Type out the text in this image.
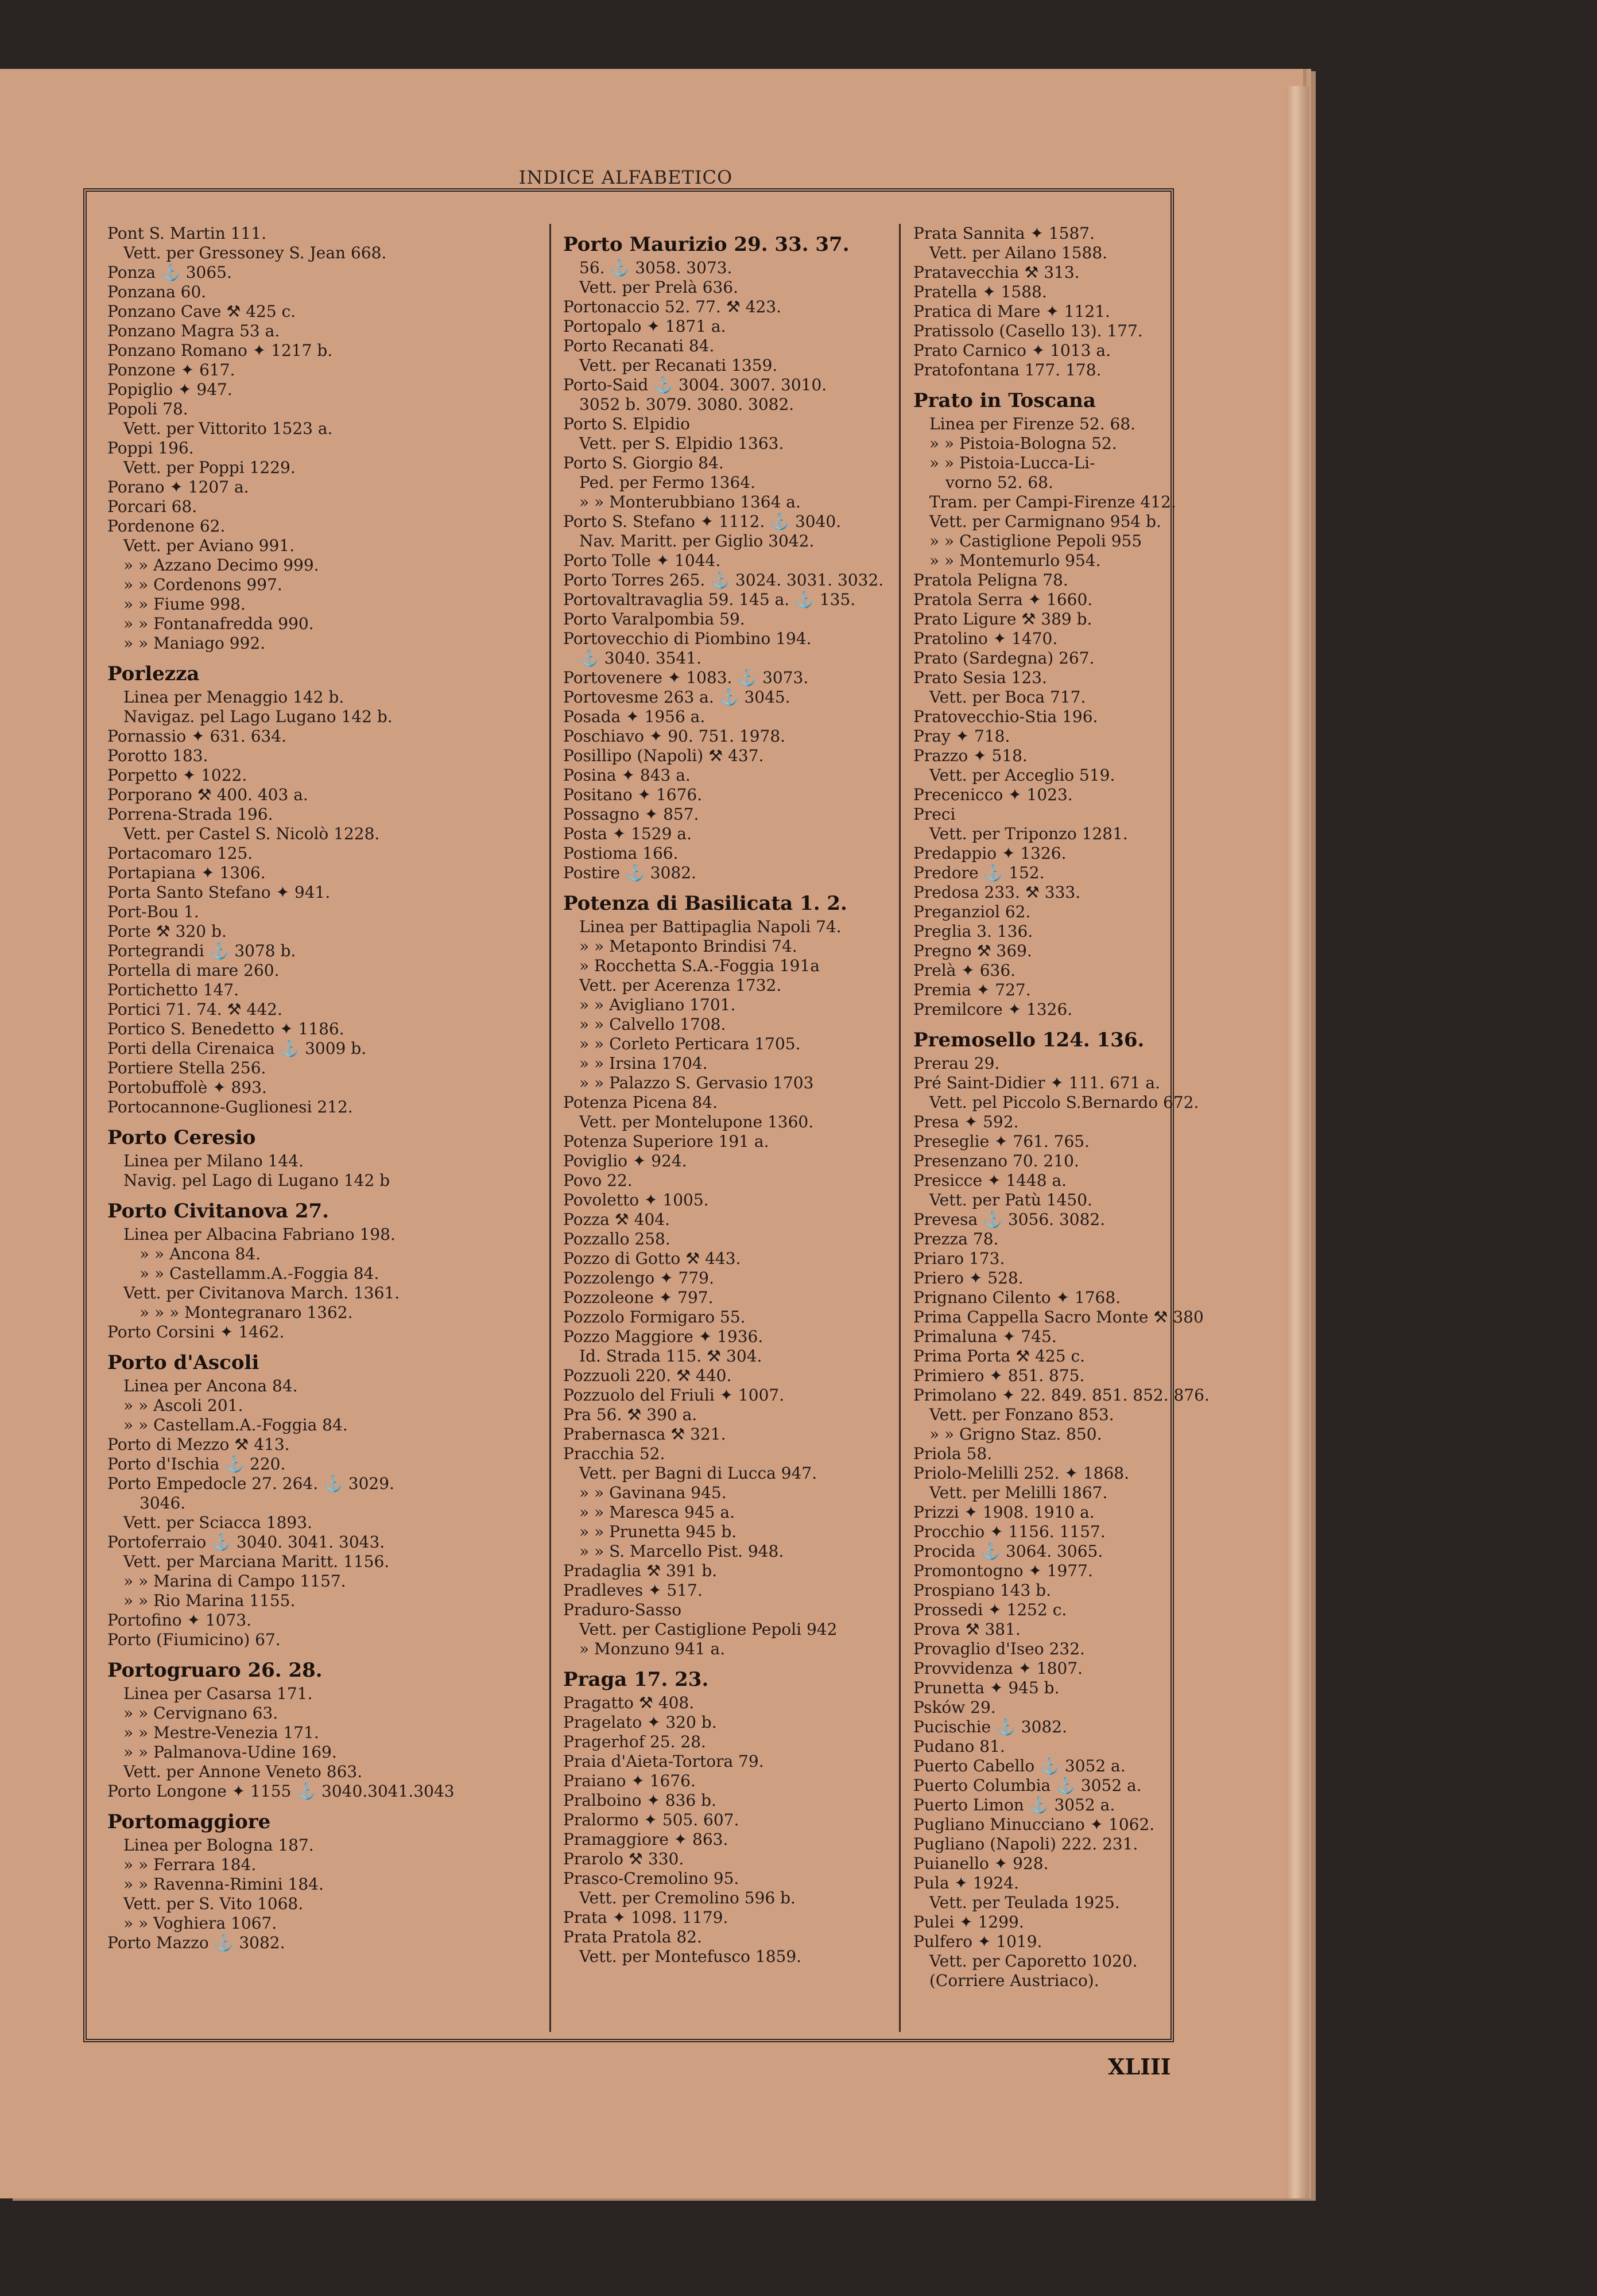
INDICE ALFABETICO
Pont S. Martin 111.
Vett. per Gressoney S. Jean 668.
Ponza ⚓ 3065.
Ponzana 60.
Ponzano Cave ⚒ 425 c.
Ponzano Magra 53 a.
Ponzano Romano ✦ 1217 b.
Ponzone ✦ 617.
Popiglio ✦ 947.
Popoli 78.
Vett. per Vittorito 1523 a.
Poppi 196.
Vett. per Poppi 1229.
Porano ✦ 1207 a.
Porcari 68.
Pordenone 62.
Vett. per Aviano 991.
» » Azzano Decimo 999.
» » Cordenons 997.
» » Fiume 998.
» » Fontanafredda 990.
» » Maniago 992.
Porlezza
Linea per Menaggio 142 b.
Navigaz. pel Lago Lugano 142 b.
Pornassio ✦ 631. 634.
Porotto 183.
Porpetto ✦ 1022.
Porporano ⚒ 400. 403 a.
Porrena-Strada 196.
Vett. per Castel S. Nicolò 1228.
Portacomaro 125.
Portapiana ✦ 1306.
Porta Santo Stefano ✦ 941.
Port-Bou 1.
Porte ⚒ 320 b.
Portegrandi ⚓ 3078 b.
Portella di mare 260.
Portichetto 147.
Portici 71. 74. ⚒ 442.
Portico S. Benedetto ✦ 1186.
Porti della Cirenaica ⚓ 3009 b.
Portiere Stella 256.
Portobuffolè ✦ 893.
Portocannone-Guglionesi 212.
Porto Ceresio
Linea per Milano 144.
Navig. pel Lago di Lugano 142 b
Porto Civitanova 27.
Linea per Albacina Fabriano 198.
» » Ancona 84.
» » Castellamm.A.-Foggia 84.
Vett. per Civitanova March. 1361.
» » » Montegranaro 1362.
Porto Corsini ✦ 1462.
Porto d'Ascoli
Linea per Ancona 84.
» » Ascoli 201.
» » Castellam.A.-Foggia 84.
Porto di Mezzo ⚒ 413.
Porto d'Ischia ⚓ 220.
Porto Empedocle 27. 264. ⚓ 3029.
3046.
Vett. per Sciacca 1893.
Portoferraio ⚓ 3040. 3041. 3043.
Vett. per Marciana Maritt. 1156.
» » Marina di Campo 1157.
» » Rio Marina 1155.
Portofino ✦ 1073.
Porto (Fiumicino) 67.
Portogruaro 26. 28.
Linea per Casarsa 171.
» » Cervignano 63.
» » Mestre-Venezia 171.
» » Palmanova-Udine 169.
Vett. per Annone Veneto 863.
Porto Longone ✦ 1155 ⚓ 3040.3041.3043
Portomaggiore
Linea per Bologna 187.
» » Ferrara 184.
» » Ravenna-Rimini 184.
Vett. per S. Vito 1068.
» » Voghiera 1067.
Porto Mazzo ⚓ 3082.
Porto Maurizio 29. 33. 37.
56. ⚓ 3058. 3073.
Vett. per Prelà 636.
Portonaccio 52. 77. ⚒ 423.
Portopalo ✦ 1871 a.
Porto Recanati 84.
Vett. per Recanati 1359.
Porto-Said ⚓ 3004. 3007. 3010.
3052 b. 3079. 3080. 3082.
Porto S. Elpidio
Vett. per S. Elpidio 1363.
Porto S. Giorgio 84.
Ped. per Fermo 1364.
» » Monterubbiano 1364 a.
Porto S. Stefano ✦ 1112. ⚓ 3040.
Nav. Maritt. per Giglio 3042.
Porto Tolle ✦ 1044.
Porto Torres 265. ⚓ 3024. 3031. 3032.
Portovaltravaglia 59. 145 a. ⚓ 135.
Porto Varalpombia 59.
Portovecchio di Piombino 194.
⚓ 3040. 3541.
Portovenere ✦ 1083. ⚓ 3073.
Portovesme 263 a. ⚓ 3045.
Posada ✦ 1956 a.
Poschiavo ✦ 90. 751. 1978.
Posillipo (Napoli) ⚒ 437.
Posina ✦ 843 a.
Positano ✦ 1676.
Possagno ✦ 857.
Posta ✦ 1529 a.
Postioma 166.
Postire ⚓ 3082.
Potenza di Basilicata 1. 2.
Linea per Battipaglia Napoli 74.
» » Metaponto Brindisi 74.
» Rocchetta S.A.-Foggia 191a
Vett. per Acerenza 1732.
» » Avigliano 1701.
» » Calvello 1708.
» » Corleto Perticara 1705.
» » Irsina 1704.
» » Palazzo S. Gervasio 1703
Potenza Picena 84.
Vett. per Montelupone 1360.
Potenza Superiore 191 a.
Poviglio ✦ 924.
Povo 22.
Povoletto ✦ 1005.
Pozza ⚒ 404.
Pozzallo 258.
Pozzo di Gotto ⚒ 443.
Pozzolengo ✦ 779.
Pozzoleone ✦ 797.
Pozzolo Formigaro 55.
Pozzo Maggiore ✦ 1936.
Id. Strada 115. ⚒ 304.
Pozzuoli 220. ⚒ 440.
Pozzuolo del Friuli ✦ 1007.
Pra 56. ⚒ 390 a.
Prabernasca ⚒ 321.
Pracchia 52.
Vett. per Bagni di Lucca 947.
» » Gavinana 945.
» » Maresca 945 a.
» » Prunetta 945 b.
» » S. Marcello Pist. 948.
Pradaglia ⚒ 391 b.
Pradleves ✦ 517.
Praduro-Sasso
Vett. per Castiglione Pepoli 942
» Monzuno 941 a.
Praga 17. 23.
Pragatto ⚒ 408.
Pragelato ✦ 320 b.
Pragerhof 25. 28.
Praia d'Aieta-Tortora 79.
Praiano ✦ 1676.
Pralboino ✦ 836 b.
Pralormo ✦ 505. 607.
Pramaggiore ✦ 863.
Prarolo ⚒ 330.
Prasco-Cremolino 95.
Vett. per Cremolino 596 b.
Prata ✦ 1098. 1179.
Prata Pratola 82.
Vett. per Montefusco 1859.
Prata Sannita ✦ 1587.
Vett. per Ailano 1588.
Pratavecchia ⚒ 313.
Pratella ✦ 1588.
Pratica di Mare ✦ 1121.
Pratissolo (Casello 13). 177.
Prato Carnico ✦ 1013 a.
Pratofontana 177. 178.
Prato in Toscana
Linea per Firenze 52. 68.
» » Pistoia-Bologna 52.
» » Pistoia-Lucca-Li-
vorno 52. 68.
Tram. per Campi-Firenze 412.
Vett. per Carmignano 954 b.
» » Castiglione Pepoli 955
» » Montemurlo 954.
Pratola Peligna 78.
Pratola Serra ✦ 1660.
Prato Ligure ⚒ 389 b.
Pratolino ✦ 1470.
Prato (Sardegna) 267.
Prato Sesia 123.
Vett. per Boca 717.
Pratovecchio-Stia 196.
Pray ✦ 718.
Prazzo ✦ 518.
Vett. per Acceglio 519.
Precenicco ✦ 1023.
Preci
Vett. per Triponzo 1281.
Predappio ✦ 1326.
Predore ⚓ 152.
Predosa 233. ⚒ 333.
Preganziol 62.
Preglia 3. 136.
Pregno ⚒ 369.
Prelà ✦ 636.
Premia ✦ 727.
Premilcore ✦ 1326.
Premosello 124. 136.
Prerau 29.
Pré Saint-Didier ✦ 111. 671 a.
Vett. pel Piccolo S.Bernardo 672.
Presa ✦ 592.
Preseglie ✦ 761. 765.
Presenzano 70. 210.
Presicce ✦ 1448 a.
Vett. per Patù 1450.
Prevesa ⚓ 3056. 3082.
Prezza 78.
Priaro 173.
Priero ✦ 528.
Prignano Cilento ✦ 1768.
Prima Cappella Sacro Monte ⚒ 380
Primaluna ✦ 745.
Prima Porta ⚒ 425 c.
Primiero ✦ 851. 875.
Primolano ✦ 22. 849. 851. 852. 876.
Vett. per Fonzano 853.
» » Grigno Staz. 850.
Priola 58.
Priolo-Melilli 252. ✦ 1868.
Vett. per Melilli 1867.
Prizzi ✦ 1908. 1910 a.
Procchio ✦ 1156. 1157.
Procida ⚓ 3064. 3065.
Promontogno ✦ 1977.
Prospiano 143 b.
Prossedi ✦ 1252 c.
Prova ⚒ 381.
Provaglio d'Iseo 232.
Provvidenza ✦ 1807.
Prunetta ✦ 945 b.
Psków 29.
Pucischie ⚓ 3082.
Pudano 81.
Puerto Cabello ⚓ 3052 a.
Puerto Columbia ⚓ 3052 a.
Puerto Limon ⚓ 3052 a.
Pugliano Minucciano ✦ 1062.
Pugliano (Napoli) 222. 231.
Puianello ✦ 928.
Pula ✦ 1924.
Vett. per Teulada 1925.
Pulei ✦ 1299.
Pulfero ✦ 1019.
Vett. per Caporetto 1020.
(Corriere Austriaco).
XLIII
